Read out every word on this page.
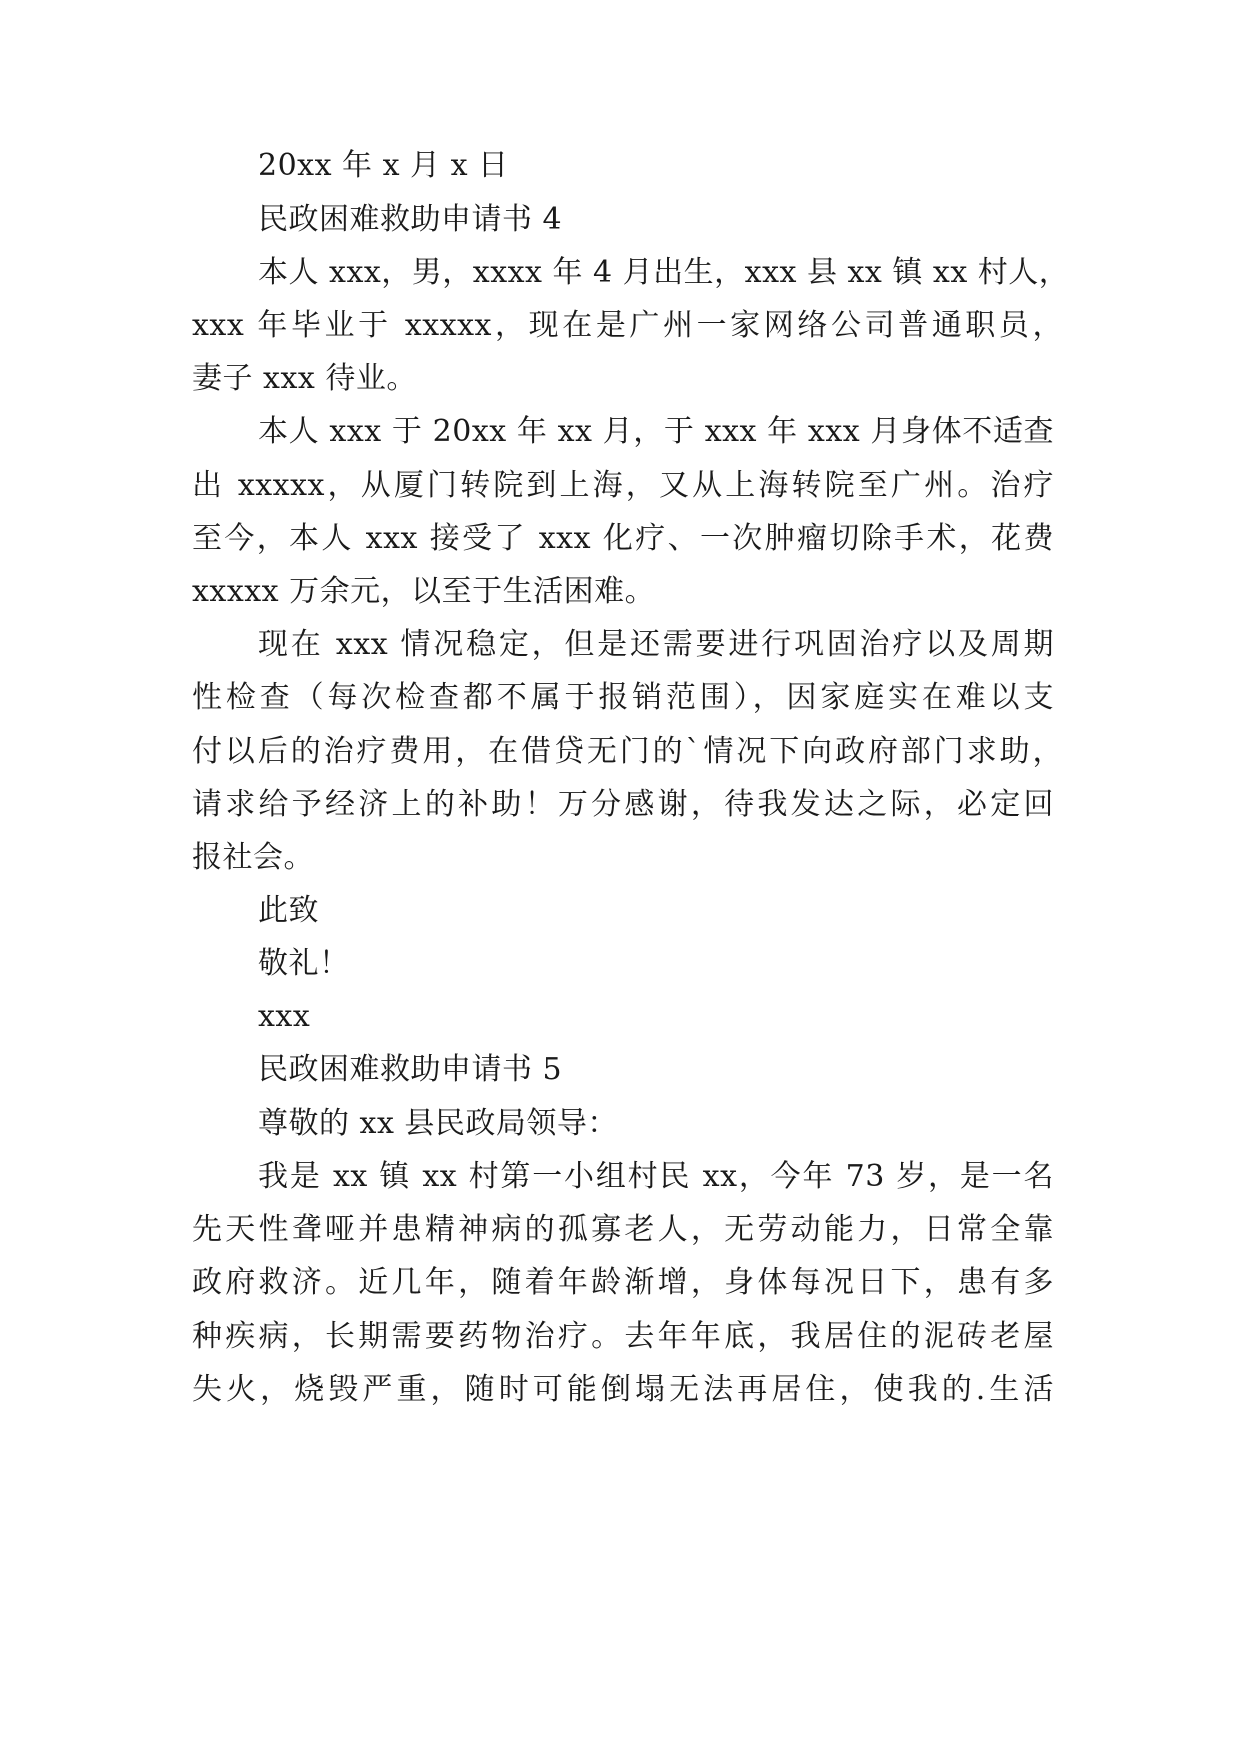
20xx 年 x 月 x 日
民政困难救助申请书 4
本人 xxx，男，xxxx 年 4 月出生，xxx 县 xx 镇 xx 村人，
xxx 年毕业于 xxxxx，现在是广州一家网络公司普通职员，
妻子 xxx 待业。
本人 xxx 于 20xx 年 xx 月，于 xxx 年 xxx 月身体不适查
出 xxxxx，从厦门转院到上海，又从上海转院至广州。治疗
至今，本人 xxx 接受了 xxx 化疗、一次肿瘤切除手术，花费
xxxxx 万余元，以至于生活困难。
现在 xxx 情况稳定，但是还需要进行巩固治疗以及周期
性检查（每次检查都不属于报销范围），因家庭实在难以支
付以后的治疗费用，在借贷无门的`情况下向政府部门求助，
请求给予经济上的补助！万分感谢，待我发达之际，必定回
报社会。
此致
敬礼！
xxx
民政困难救助申请书 5
尊敬的 xx 县民政局领导：
我是 xx 镇 xx 村第一小组村民 xx，今年 73 岁，是一名
先天性聋哑并患精神病的孤寡老人，无劳动能力，日常全靠
政府救济。近几年，随着年龄渐增，身体每况日下，患有多
种疾病，长期需要药物治疗。去年年底，我居住的泥砖老屋
失火，烧毁严重，随时可能倒塌无法再居住，使我的.生活
